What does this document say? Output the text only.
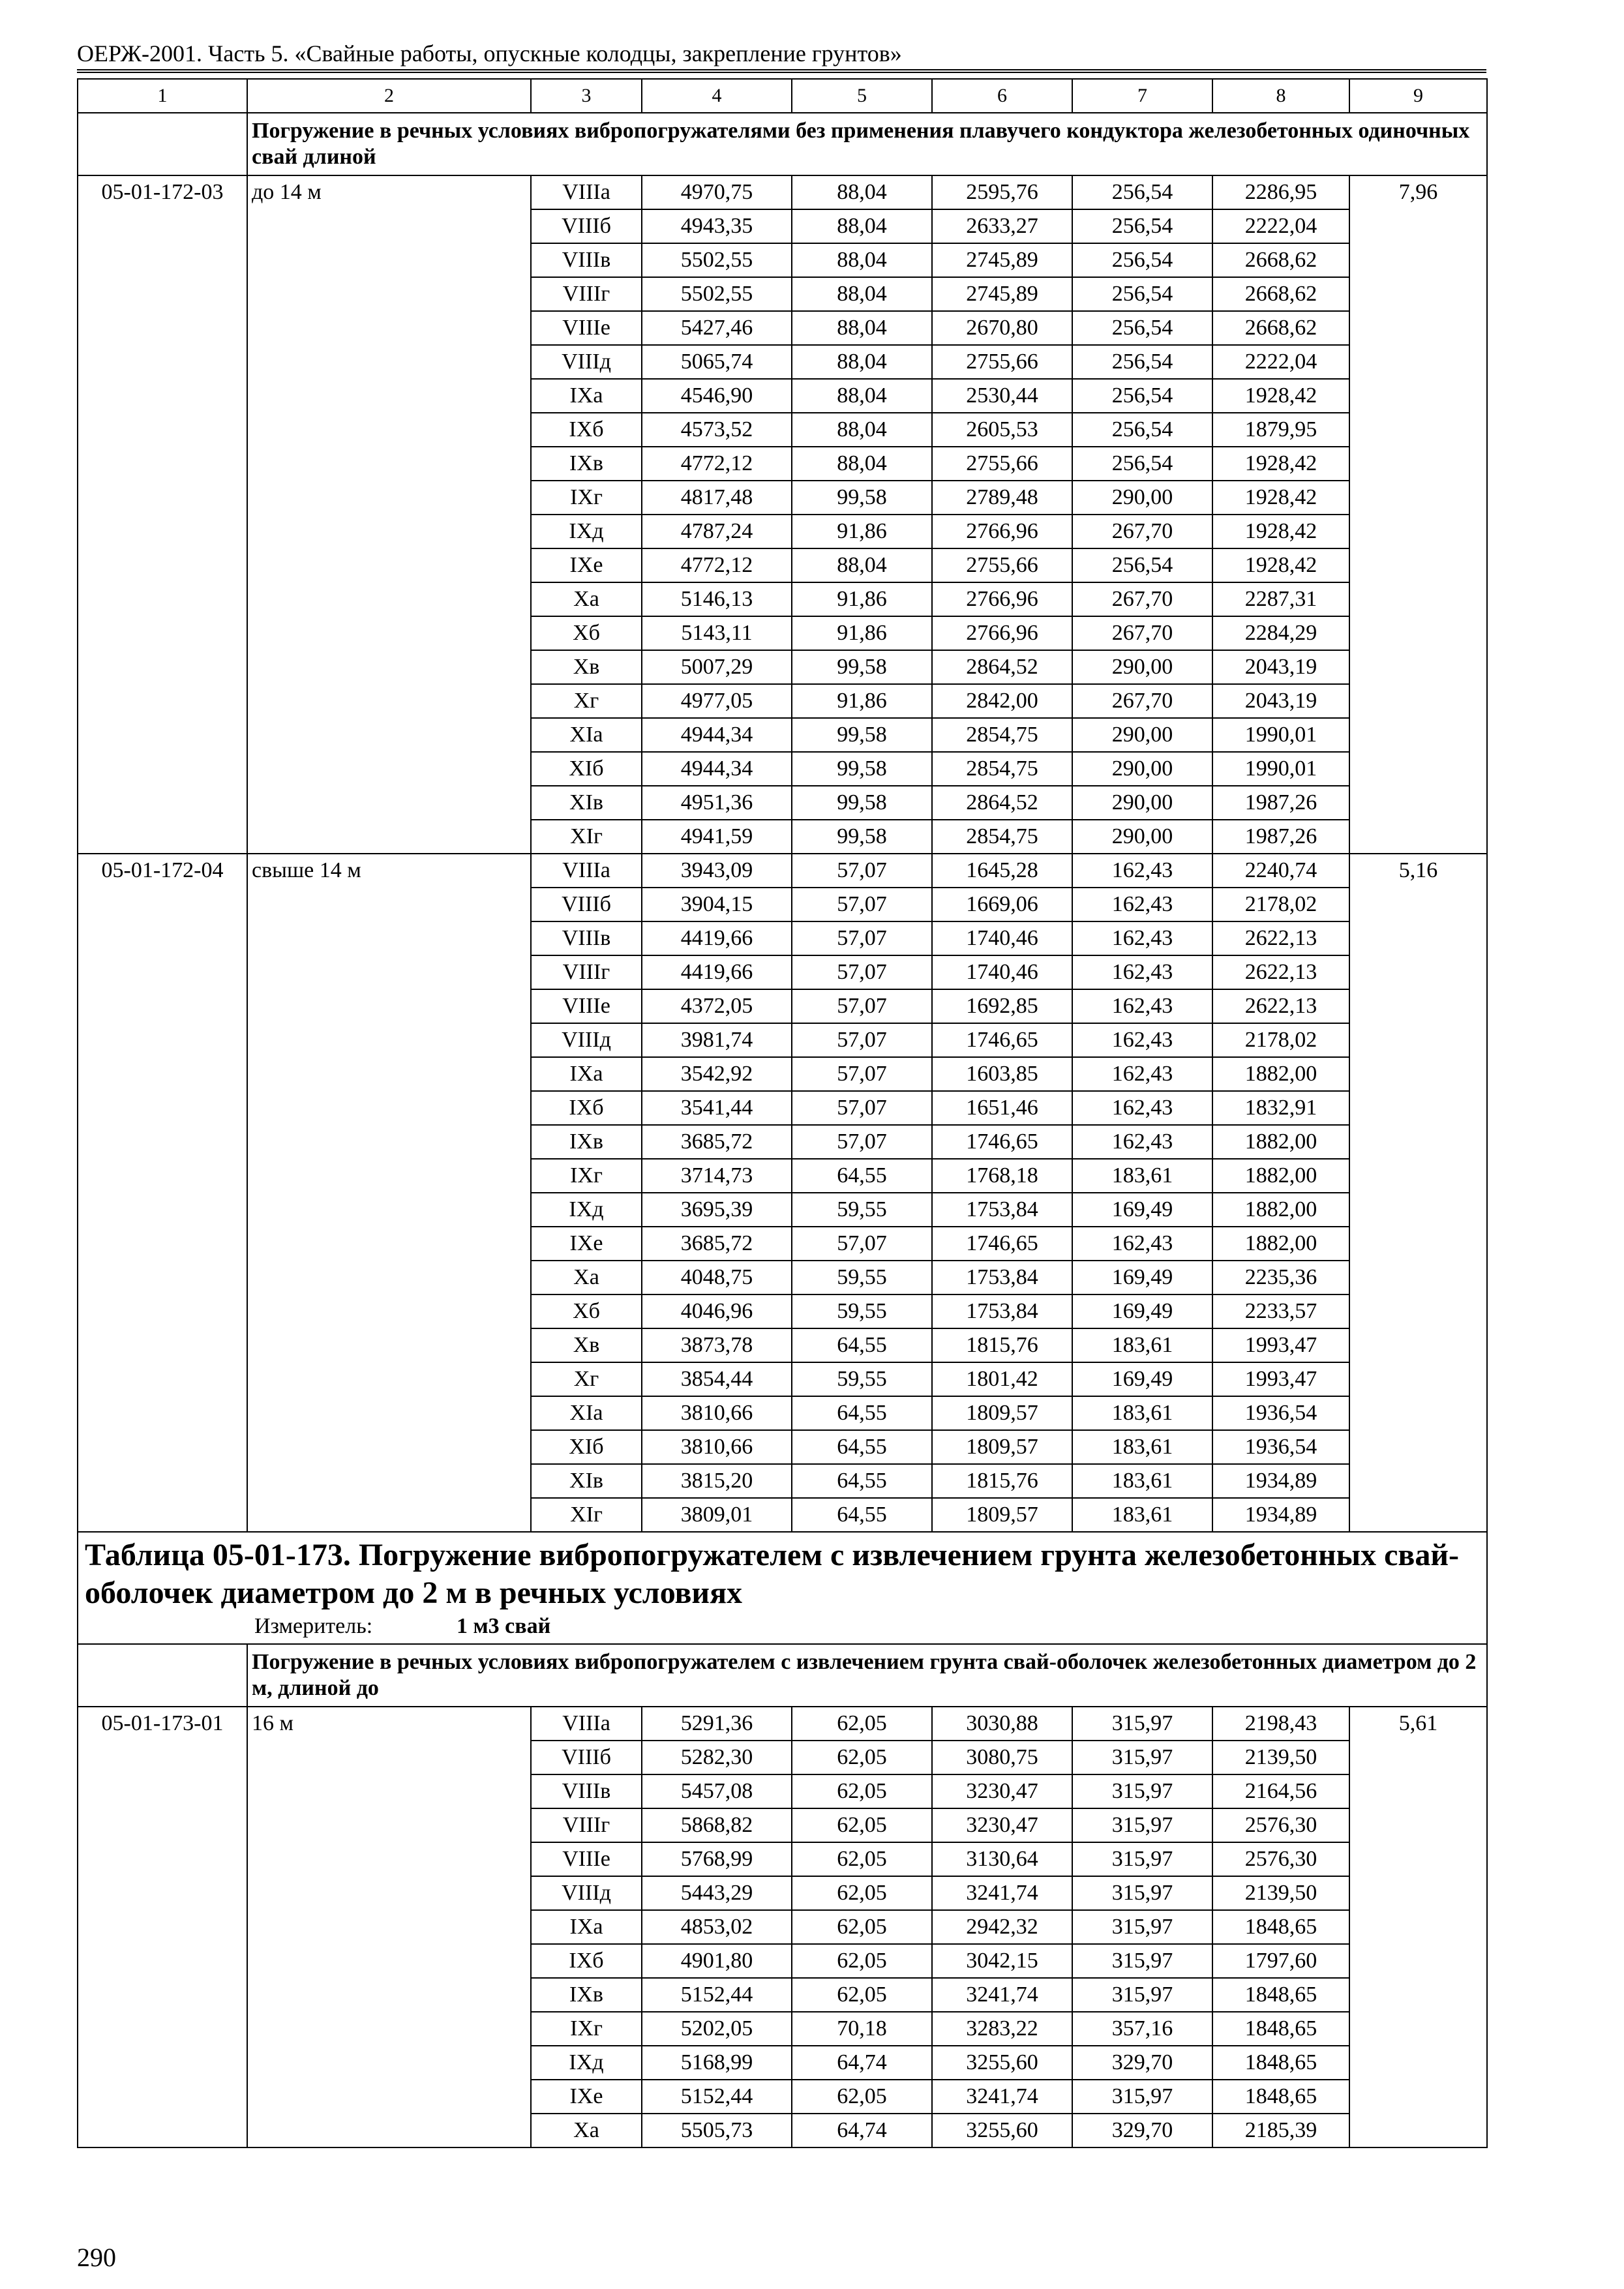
ОЕРЖ-2001. Часть 5. «Свайные работы, опускные колодцы, закрепление грунтов»
1	2	3	4	5	6	7	8	9
	Погружение в речных условиях вибропогружателями без применения плавучего кондуктора железобетонных одиночных свай длиной							
05-01-172-03	до 14 м	VIIIа	4970,75	88,04	2595,76	256,54	2286,95	7,96
		VIIIб	4943,35	88,04	2633,27	256,54	2222,04	
		VIIIв	5502,55	88,04	2745,89	256,54	2668,62	
		VIIIг	5502,55	88,04	2745,89	256,54	2668,62	
		VIIIе	5427,46	88,04	2670,80	256,54	2668,62	
		VIIIд	5065,74	88,04	2755,66	256,54	2222,04	
		IXа	4546,90	88,04	2530,44	256,54	1928,42	
		IXб	4573,52	88,04	2605,53	256,54	1879,95	
		IXв	4772,12	88,04	2755,66	256,54	1928,42	
		IXг	4817,48	99,58	2789,48	290,00	1928,42	
		IXд	4787,24	91,86	2766,96	267,70	1928,42	
		IXе	4772,12	88,04	2755,66	256,54	1928,42	
		Xа	5146,13	91,86	2766,96	267,70	2287,31	
		Xб	5143,11	91,86	2766,96	267,70	2284,29	
		Xв	5007,29	99,58	2864,52	290,00	2043,19	
		Xг	4977,05	91,86	2842,00	267,70	2043,19	
		XIа	4944,34	99,58	2854,75	290,00	1990,01	
		XIб	4944,34	99,58	2854,75	290,00	1990,01	
		XIв	4951,36	99,58	2864,52	290,00	1987,26	
		XIг	4941,59	99,58	2854,75	290,00	1987,26	
05-01-172-04	свыше 14 м	VIIIа	3943,09	57,07	1645,28	162,43	2240,74	5,16
		VIIIб	3904,15	57,07	1669,06	162,43	2178,02	
		VIIIв	4419,66	57,07	1740,46	162,43	2622,13	
		VIIIг	4419,66	57,07	1740,46	162,43	2622,13	
		VIIIе	4372,05	57,07	1692,85	162,43	2622,13	
		VIIIд	3981,74	57,07	1746,65	162,43	2178,02	
		IXа	3542,92	57,07	1603,85	162,43	1882,00	
		IXб	3541,44	57,07	1651,46	162,43	1832,91	
		IXв	3685,72	57,07	1746,65	162,43	1882,00	
		IXг	3714,73	64,55	1768,18	183,61	1882,00	
		IXд	3695,39	59,55	1753,84	169,49	1882,00	
		IXе	3685,72	57,07	1746,65	162,43	1882,00	
		Xа	4048,75	59,55	1753,84	169,49	2235,36	
		Xб	4046,96	59,55	1753,84	169,49	2233,57	
		Xв	3873,78	64,55	1815,76	183,61	1993,47	
		Xг	3854,44	59,55	1801,42	169,49	1993,47	
		XIа	3810,66	64,55	1809,57	183,61	1936,54	
		XIб	3810,66	64,55	1809,57	183,61	1936,54	
		XIв	3815,20	64,55	1815,76	183,61	1934,89	
		XIг	3809,01	64,55	1809,57	183,61	1934,89	

Таблица 05-01-173. Погружение вибропогружателем с извлечением грунта железобетонных свай-оболочек диаметром до 2 м в речных условиях
Измеритель: 1 м3 свай								

	Погружение в речных условиях вибропогружателем с извлечением грунта свай-оболочек железобетонных диаметром до 2 м, длиной до							
05-01-173-01	16 м	VIIIа	5291,36	62,05	3030,88	315,97	2198,43	5,61
		VIIIб	5282,30	62,05	3080,75	315,97	2139,50	
		VIIIв	5457,08	62,05	3230,47	315,97	2164,56	
		VIIIг	5868,82	62,05	3230,47	315,97	2576,30	
		VIIIе	5768,99	62,05	3130,64	315,97	2576,30	
		VIIIд	5443,29	62,05	3241,74	315,97	2139,50	
		IXа	4853,02	62,05	2942,32	315,97	1848,65	
		IXб	4901,80	62,05	3042,15	315,97	1797,60	
		IXв	5152,44	62,05	3241,74	315,97	1848,65	
		IXг	5202,05	70,18	3283,22	357,16	1848,65	
		IXд	5168,99	64,74	3255,60	329,70	1848,65	
		IXе	5152,44	62,05	3241,74	315,97	1848,65	
		Xа	5505,73	64,74	3255,60	329,70	2185,39	
290
